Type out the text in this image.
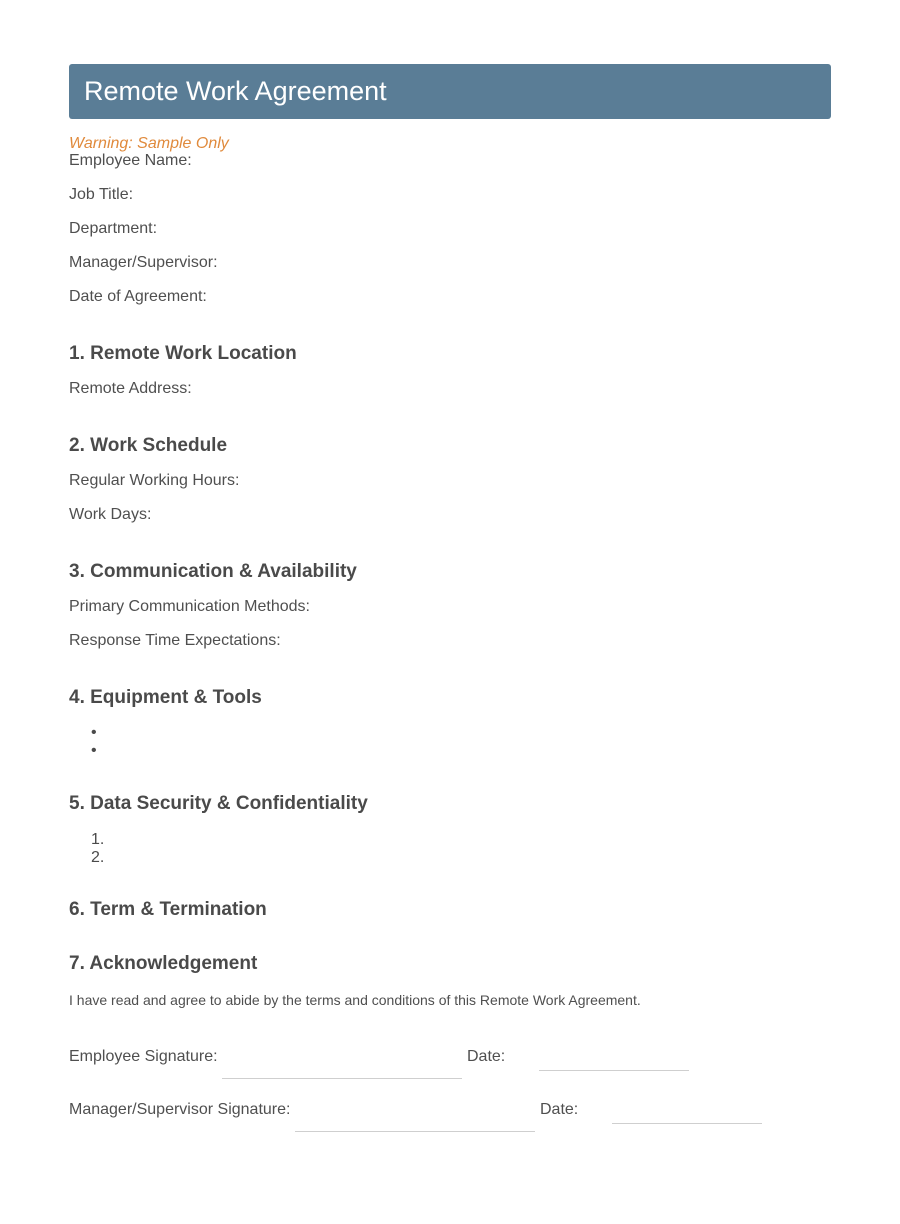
Remote Work Agreement
Warning: Sample Only
Employee Name:
Job Title:
Department:
Manager/Supervisor:
Date of Agreement:
1. Remote Work Location
Remote Address:
2. Work Schedule
Regular Working Hours:
Work Days:
3. Communication & Availability
Primary Communication Methods:
Response Time Expectations:
4. Equipment & Tools
•
•
5. Data Security & Confidentiality
1.
2.
6. Term & Termination
7. Acknowledgement
I have read and agree to abide by the terms and conditions of this Remote Work Agreement.
Employee Signature:	Date:
Manager/Supervisor Signature:	Date:
